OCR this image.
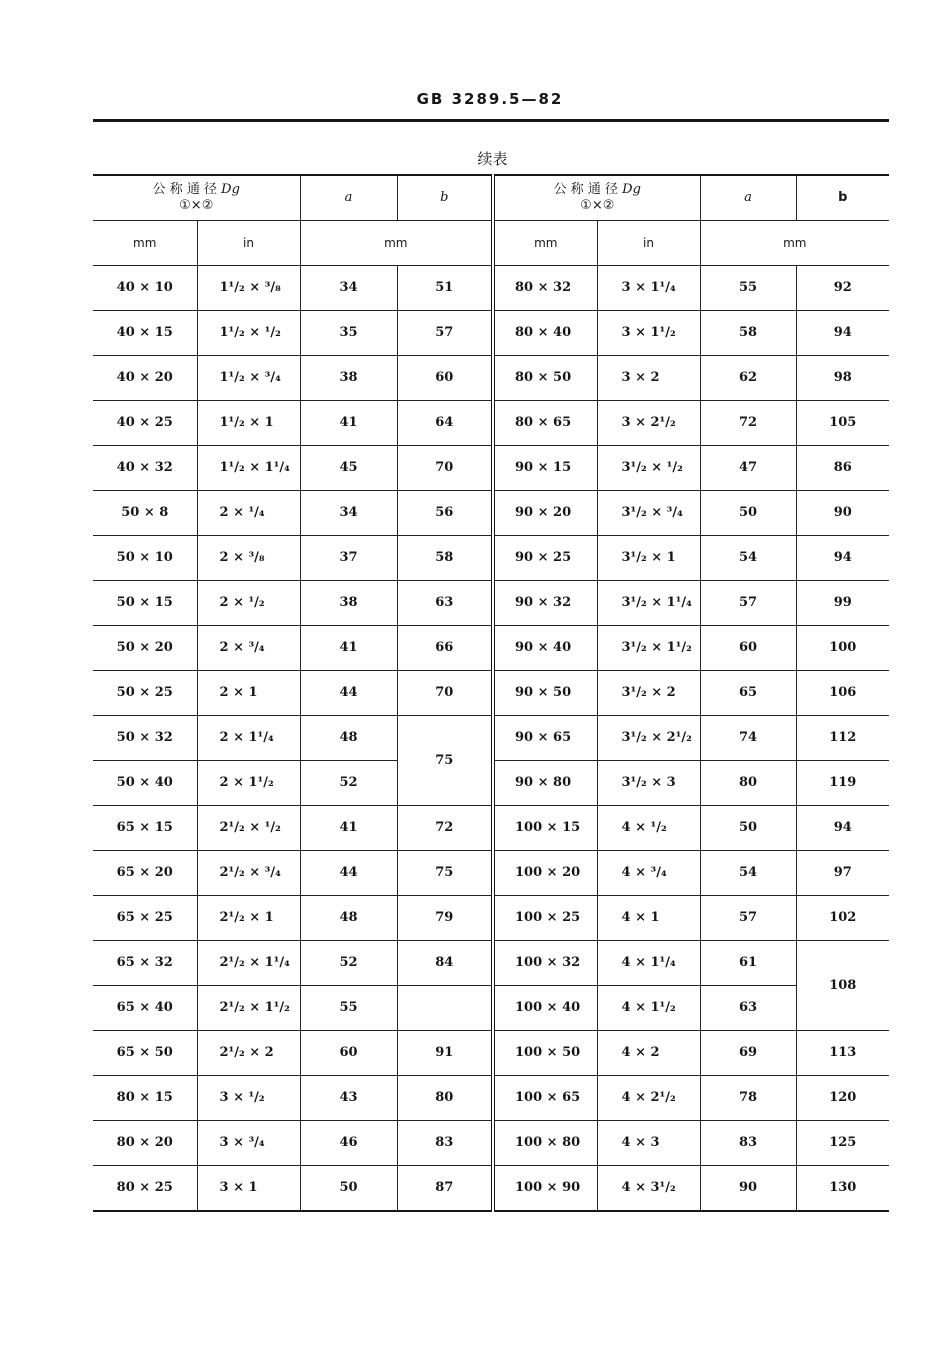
GB 3289.5—82
续表
公 称 通 径 Dg
①×②		a	b	公 称 通 径 Dg
①×②		a	b
mm	in	mm		mm	in	mm	
40 × 10	1¹/₂ × ³/₈	34	51	80 × 32	3 × 1¹/₄	55	92
40 × 15	1¹/₂ × ¹/₂	35	57	80 × 40	3 × 1¹/₂	58	94
40 × 20	1¹/₂ × ³/₄	38	60	80 × 50	3 × 2	62	98
40 × 25	1¹/₂ × 1	41	64	80 × 65	3 × 2¹/₂	72	105
40 × 32	1¹/₂ × 1¹/₄	45	70	90 × 15	3¹/₂ × ¹/₂	47	86
50 × 8	2 × ¹/₄	34	56	90 × 20	3¹/₂ × ³/₄	50	90
50 × 10	2 × ³/₈	37	58	90 × 25	3¹/₂ × 1	54	94
50 × 15	2 × ¹/₂	38	63	90 × 32	3¹/₂ × 1¹/₄	57	99
50 × 20	2 × ³/₄	41	66	90 × 40	3¹/₂ × 1¹/₂	60	100
50 × 25	2 × 1	44	70	90 × 50	3¹/₂ × 2	65	106
50 × 32	2 × 1¹/₄	48	75	90 × 65	3¹/₂ × 2¹/₂	74	112
50 × 40	2 × 1¹/₂	52		90 × 80	3¹/₂ × 3	80	119
65 × 15	2¹/₂ × ¹/₂	41	72	100 × 15	4 × ¹/₂	50	94
65 × 20	2¹/₂ × ³/₄	44	75	100 × 20	4 × ³/₄	54	97
65 × 25	2¹/₂ × 1	48	79	100 × 25	4 × 1	57	102
65 × 32	2¹/₂ × 1¹/₄	52	84	100 × 32	4 × 1¹/₄	61	108
65 × 40	2¹/₂ × 1¹/₂	55		100 × 40	4 × 1¹/₂	63	
65 × 50	2¹/₂ × 2	60	91	100 × 50	4 × 2	69	113
80 × 15	3 × ¹/₂	43	80	100 × 65	4 × 2¹/₂	78	120
80 × 20	3 × ³/₄	46	83	100 × 80	4 × 3	83	125
80 × 25	3 × 1	50	87	100 × 90	4 × 3¹/₂	90	130
